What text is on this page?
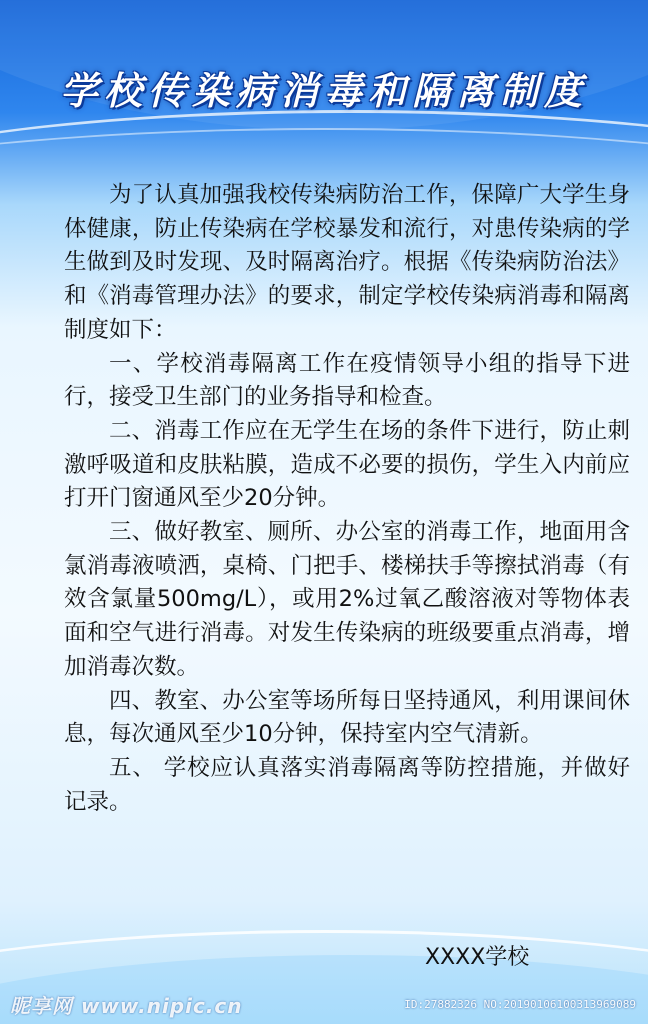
学校传染病消毒和隔离制度

为了认真加强我校传染病防治工作，保障广大学生身体健康，防止传染病在学校暴发和流行，对患传染病的学生做到及时发现、及时隔离治疗。根据《传染病防治法》和《消毒管理办法》的要求，制定学校传染病消毒和隔离制度如下：

一、学校消毒隔离工作在疫情领导小组的指导下进行，接受卫生部门的业务指导和检查。

二、消毒工作应在无学生在场的条件下进行，防止刺激呼吸道和皮肤粘膜，造成不必要的损伤，学生入内前应打开门窗通风至少20分钟。

三、做好教室、厕所、办公室的消毒工作，地面用含氯消毒液喷洒，桌椅、门把手、楼梯扶手等擦拭消毒（有效含氯量500mg/L），或用2%过氧乙酸溶液对等物体表面和空气进行消毒。对发生传染病的班级要重点消毒，增加消毒次数。

四、教室、办公室等场所每日坚持通风，利用课间休息，每次通风至少10分钟，保持室内空气清新。

五、 学校应认真落实消毒隔离等防控措施，并做好记录。

XXXX学校
昵享网 www.nipic.cn	ID:27882326 NO:20190106100313969089
